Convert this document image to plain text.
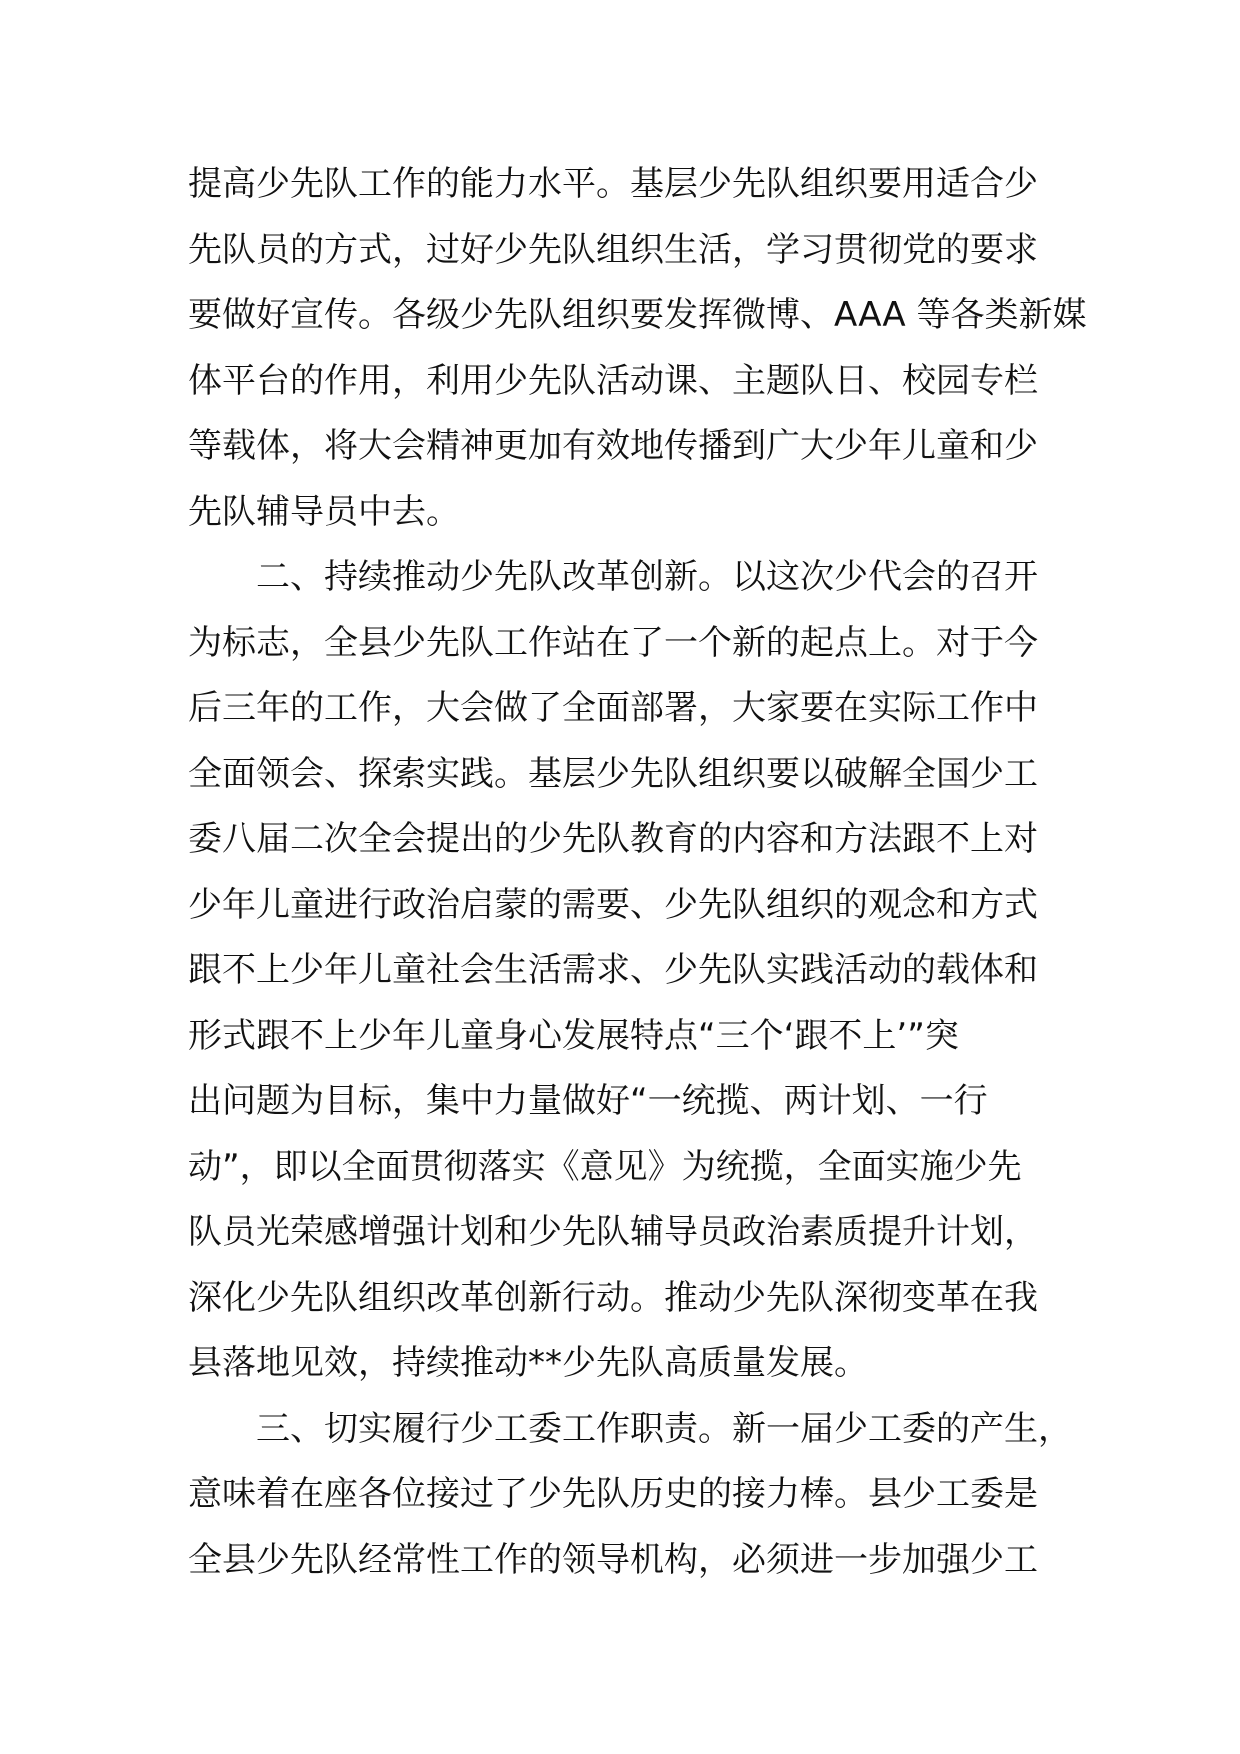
提高少先队工作的能力水平。基层少先队组织要用适合少
先队员的方式，过好少先队组织生活，学习贯彻党的要求
要做好宣传。各级少先队组织要发挥微博、AAA 等各类新媒
体平台的作用，利用少先队活动课、主题队日、校园专栏
等载体，将大会精神更加有效地传播到广大少年儿童和少
先队辅导员中去。
二、持续推动少先队改革创新。以这次少代会的召开
为标志，全县少先队工作站在了一个新的起点上。对于今
后三年的工作，大会做了全面部署，大家要在实际工作中
全面领会、探索实践。基层少先队组织要以破解全国少工
委八届二次全会提出的少先队教育的内容和方法跟不上对
少年儿童进行政治启蒙的需要、少先队组织的观念和方式
跟不上少年儿童社会生活需求、少先队实践活动的载体和
形式跟不上少年儿童身心发展特点“三个‘跟不上’”突
出问题为目标，集中力量做好“一统揽、两计划、一行
动”，即以全面贯彻落实《意见》为统揽，全面实施少先
队员光荣感增强计划和少先队辅导员政治素质提升计划，
深化少先队组织改革创新行动。推动少先队深彻变革在我
县落地见效，持续推动**少先队高质量发展。
三、切实履行少工委工作职责。新一届少工委的产生，
意味着在座各位接过了少先队历史的接力棒。县少工委是
全县少先队经常性工作的领导机构，必须进一步加强少工
